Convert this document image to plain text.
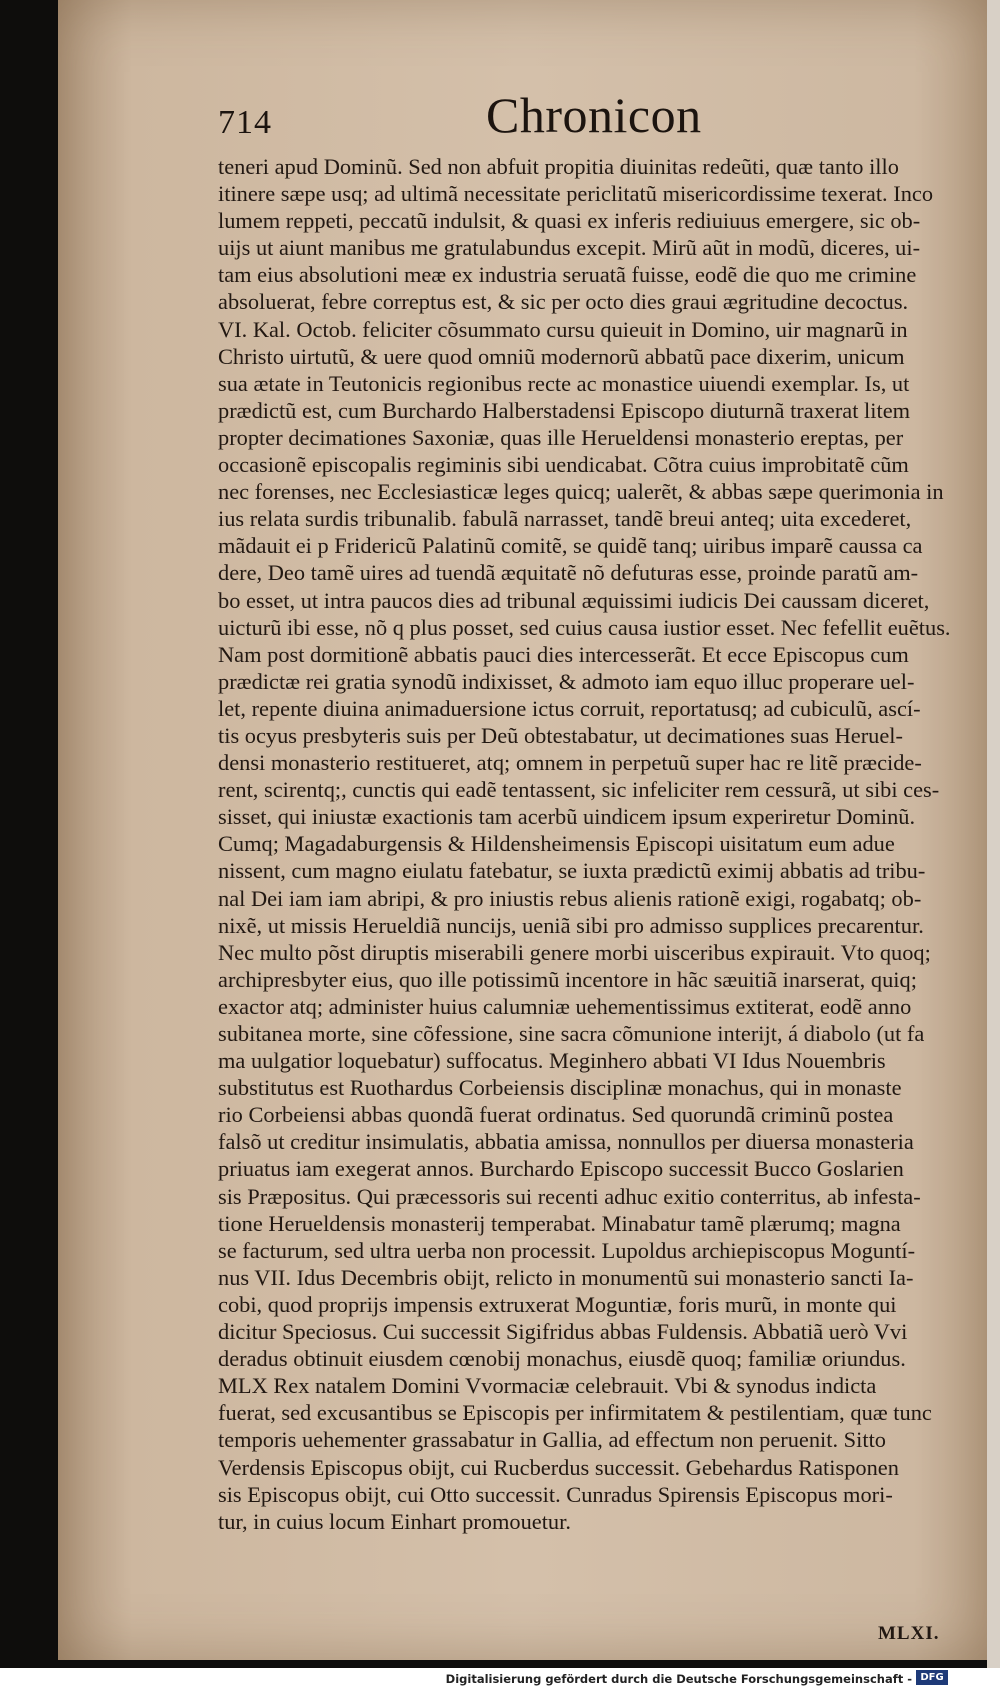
714	Chronicon
teneri apud Dominũ. Sed non abfuit propitia diuinitas redeũti, quæ tanto illo
itinere sæpe usq; ad ultimã necessitate periclitatũ misericordissime texerat. Inco
lumem reppeti, peccatũ indulsit, & quasi ex inferis rediuiuus emergere, sic ob-
uijs ut aiunt manibus me gratulabundus excepit. Mirũ aũt in modũ, diceres, ui-
tam eius absolutioni meæ ex industria seruatã fuisse, eodẽ die quo me crimine
absoluerat, febre correptus est, & sic per octo dies graui ægritudine decoctus.
VI. Kal. Octob. feliciter cõsummato cursu quieuit in Domino, uir magnarũ in
Christo uirtutũ, & uere quod omniũ modernorũ abbatũ pace dixerim, unicum
sua ætate in Teutonicis regionibus recte ac monastice uiuendi exemplar. Is, ut
prædictũ est, cum Burchardo Halberstadensi Episcopo diuturnã traxerat litem
propter decimationes Saxoniæ, quas ille Herueldensi monasterio ereptas, per
occasionẽ episcopalis regiminis sibi uendicabat. Cõtra cuius improbitatẽ cũm
nec forenses, nec Ecclesiasticæ leges quicq; ualerẽt, & abbas sæpe querimonia in
ius relata surdis tribunalib. fabulã narrasset, tandẽ breui anteq; uita excederet,
mãdauit ei p Fridericũ Palatinũ comitẽ, se quidẽ tanq; uiribus imparẽ caussa ca
dere, Deo tamẽ uires ad tuendã æquitatẽ nõ defuturas esse, proinde paratũ am-
bo esset, ut intra paucos dies ad tribunal æquissimi iudicis Dei caussam diceret,
uicturũ ibi esse, nõ q plus posset, sed cuius causa iustior esset. Nec fefellit euẽtus.
Nam post dormitionẽ abbatis pauci dies intercesserãt. Et ecce Episcopus cum
prædictæ rei gratia synodũ indixisset, & admoto iam equo illuc properare uel-
let, repente diuina animaduersione ictus corruit, reportatusq; ad cubiculũ, ascí-
tis ocyus presbyteris suis per Deũ obtestabatur, ut decimationes suas Heruel-
densi monasterio restitueret, atq; omnem in perpetuũ super hac re litẽ præcide-
rent, scirentq;, cunctis qui eadẽ tentassent, sic infeliciter rem cessurã, ut sibi ces-
sisset, qui iniustæ exactionis tam acerbũ uindicem ipsum experiretur Dominũ.
Cumq; Magadaburgensis & Hildensheimensis Episcopi uisitatum eum adue
nissent, cum magno eiulatu fatebatur, se iuxta prædictũ eximij abbatis ad tribu-
nal Dei iam iam abripi, & pro iniustis rebus alienis rationẽ exigi, rogabatq; ob-
nixẽ, ut missis Herueldiã nuncijs, ueniã sibi pro admisso supplices precarentur.
Nec multo põst diruptis miserabili genere morbi uisceribus expirauit. Vto quoq;
archipresbyter eius, quo ille potissimũ incentore in hãc sæuitiã inarserat, quiq;
exactor atq; administer huius calumniæ uehementissimus extiterat, eodẽ anno
subitanea morte, sine cõfessione, sine sacra cõmunione interijt, á diabolo (ut fa
ma uulgatior loquebatur) suffocatus. Meginhero abbati VI Idus Nouembris
substitutus est Ruothardus Corbeiensis disciplinæ monachus, qui in monaste
rio Corbeiensi abbas quondã fuerat ordinatus. Sed quorundã criminũ postea
falsõ ut creditur insimulatis, abbatia amissa, nonnullos per diuersa monasteria
priuatus iam exegerat annos. Burchardo Episcopo successit Bucco Goslarien
sis Præpositus. Qui præcessoris sui recenti adhuc exitio conterritus, ab infesta-
tione Herueldensis monasterij temperabat. Minabatur tamẽ plærumq; magna
se facturum, sed ultra uerba non processit. Lupoldus archiepiscopus Moguntí-
nus VII. Idus Decembris obijt, relicto in monumentũ sui monasterio sancti Ia-
cobi, quod proprijs impensis extruxerat Moguntiæ, foris murũ, in monte qui
dicitur Speciosus. Cui successit Sigifridus abbas Fuldensis. Abbatiã uerò Vvi
deradus obtinuit eiusdem cœnobij monachus, eiusdẽ quoq; familiæ oriundus.
MLX Rex natalem Domini Vvormaciæ celebrauit. Vbi & synodus indicta
fuerat, sed excusantibus se Episcopis per infirmitatem & pestilentiam, quæ tunc
temporis uehementer grassabatur in Gallia, ad effectum non peruenit. Sitto
Verdensis Episcopus obijt, cui Rucberdus successit. Gebehardus Ratisponen
sis Episcopus obijt, cui Otto successit. Cunradus Spirensis Episcopus mori-
tur, in cuius locum Einhart promouetur.
MLXI.
Digitalisierung gefördert durch die Deutsche Forschungsgemeinschaft - DFG
